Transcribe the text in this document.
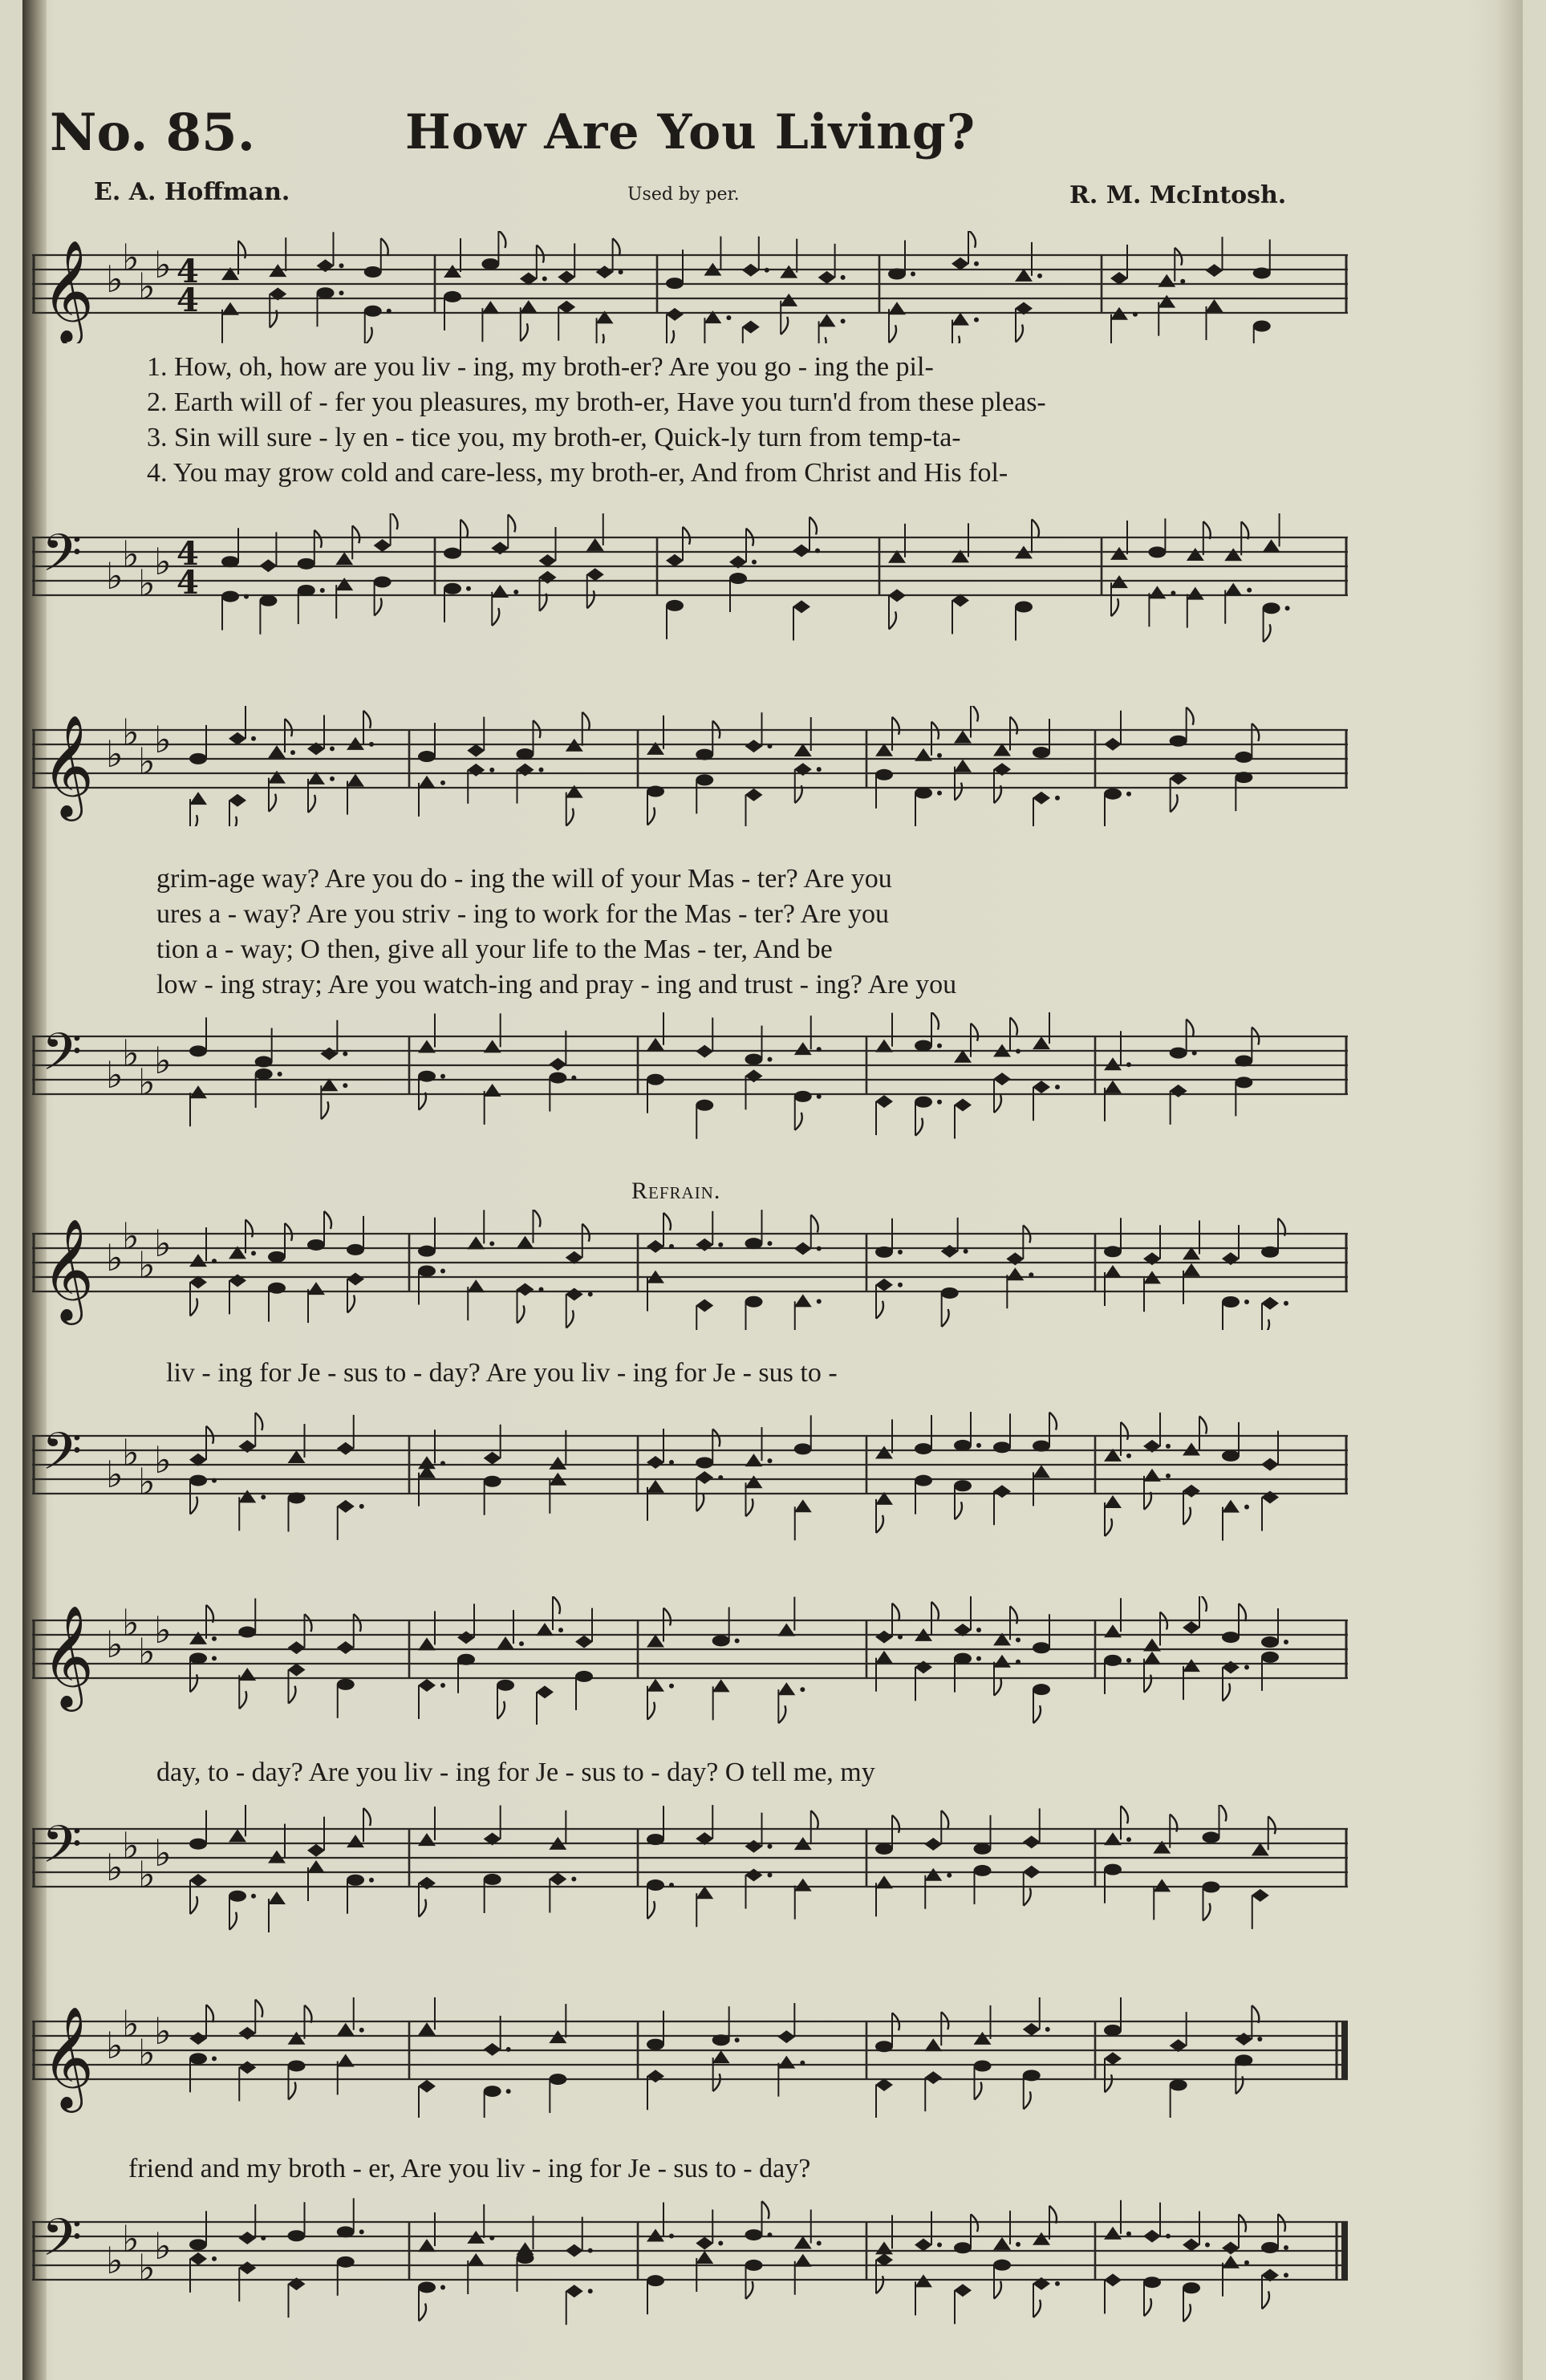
No. 85.	How Are You Living?
E. A. Hoffman.	Used by per.	R. M. McIntosh.
𝄞 ♭
♭
♭
♭ 4
4
1. How, oh, how are you liv - ing, my broth-er? Are you go - ing the pil-
2. Earth will of - fer you pleasures, my broth-er, Have you turn'd from these pleas-
3. Sin will sure - ly en - tice you, my broth-er, Quick-ly turn from temp-ta-
4. You may grow cold and care-less, my broth-er, And from Christ and His fol-
𝄢 ♭
♭
♭
♭ 4
4
𝄞 ♭
♭
♭
♭
grim-age way? Are you do - ing the will of your Mas - ter? Are you
ures a - way? Are you striv - ing to work for the Mas - ter? Are you
tion a - way; O then, give all your life to the Mas - ter, And be
low - ing stray; Are you watch-ing and pray - ing and trust - ing? Are you
𝄢 ♭
♭
♭
♭
Refrain.
𝄞 ♭
♭
♭
♭
liv - ing for Je - sus to - day? Are you liv - ing for Je - sus to -
𝄢 ♭
♭
♭
♭
𝄞 ♭
♭
♭
♭
day, to - day? Are you liv - ing for Je - sus to - day? O tell me, my
𝄢 ♭
♭
♭
♭
𝄞 ♭
♭
♭
♭
friend and my broth - er, Are you liv - ing for Je - sus to - day?
𝄢 ♭
♭
♭
♭
